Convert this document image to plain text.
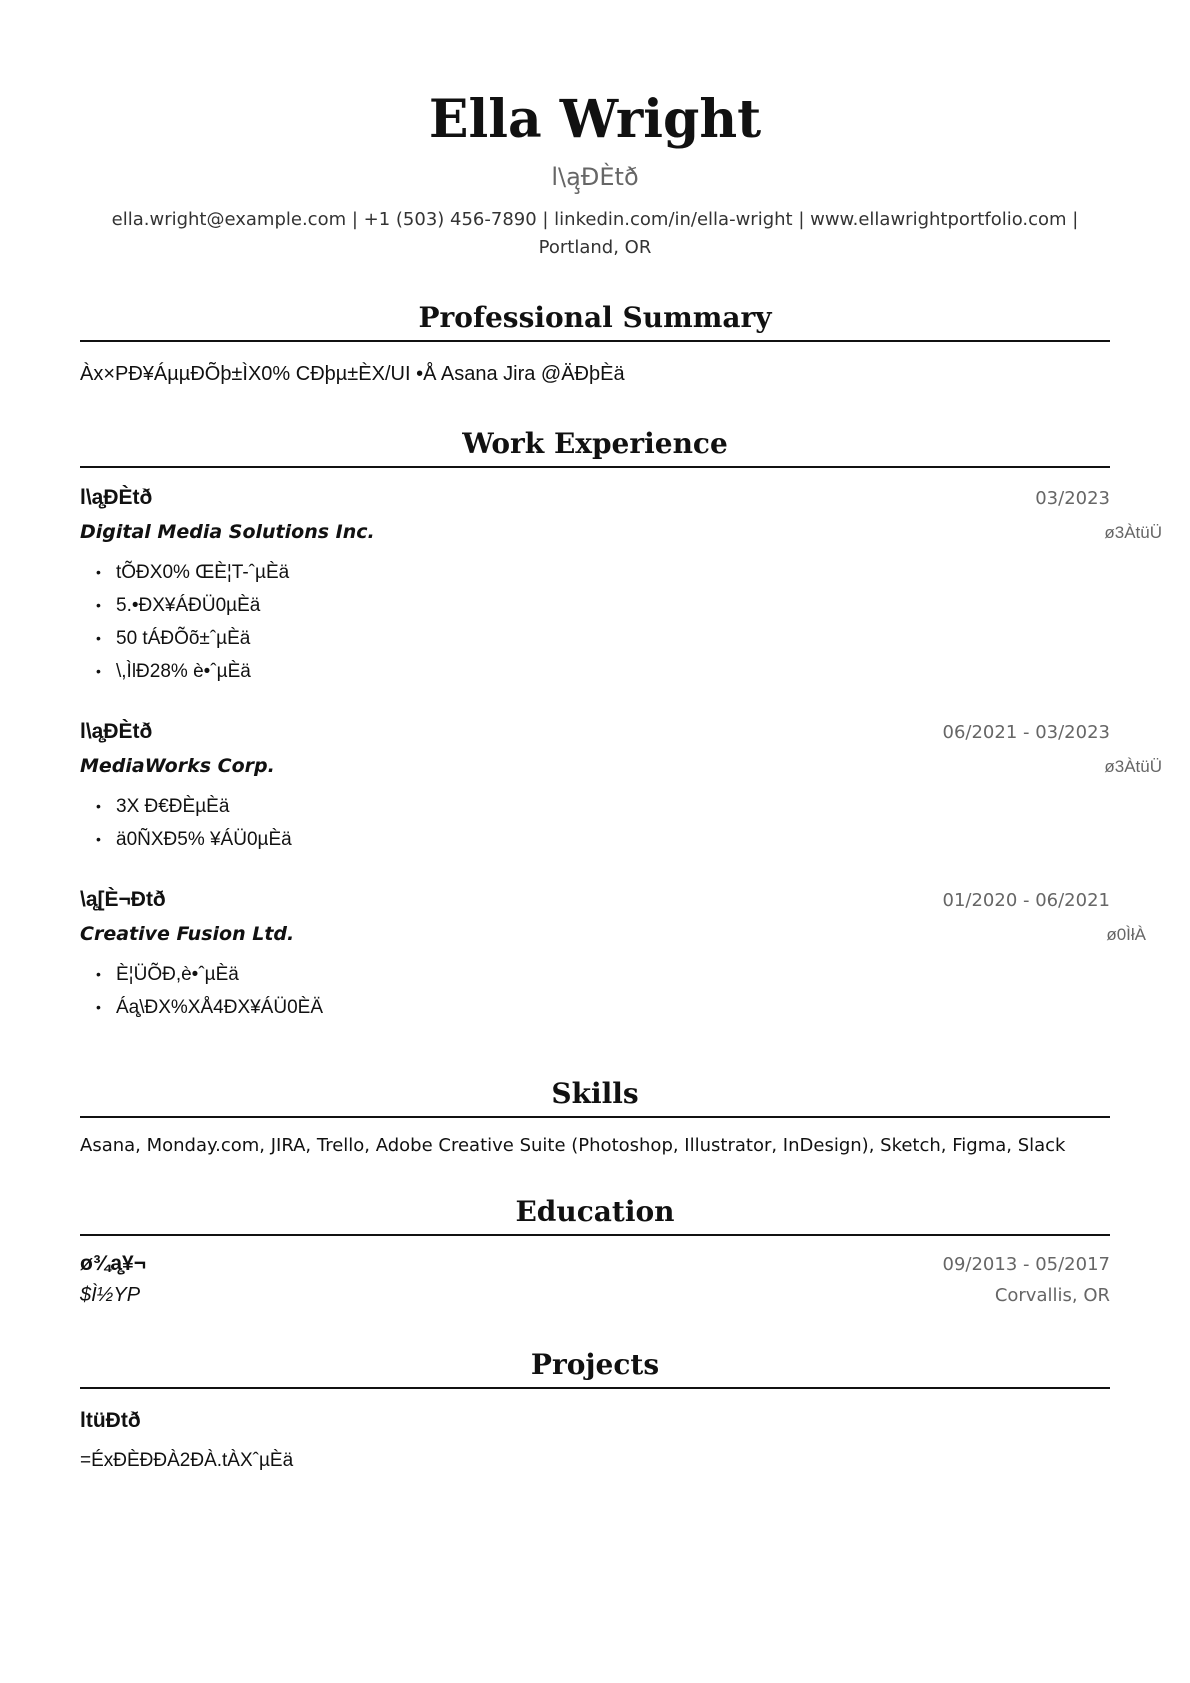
Ella Wright
l\ą̧ÐÈtð
ella.wright@example.com | +1 (503) 456-7890 | linkedin.com/in/ella-wright | www.ellawrightportfolio.com | Portland, OR
Professional Summary
Àx×PÐ¥ÁµµÐÕþ±ÌX0% CÐþµ±ÈX/UI •Å Asana Jira @ÄÐþÈä
Work Experience
l\ą̧ÐÈtð	03/2023
Digital Media Solutions Inc.	ø3ÀtüÜ
• tÕÐX0% ŒÈ¦T-ˆµÈä
• 5.•ÐX¥ÁÐÜ0µÈä
• 50 tÁÐÕõ±ˆµÈä
• \,ÌlÐ28% è•ˆµÈä
l\ą̧ÐÈtð	06/2021 - 03/2023
MediaWorks Corp.	ø3ÀtüÜ
• 3X Ð€ÐÈµÈä
• ä0ÑXÐ5% ¥ÁÜ0µÈä
\ą̧[È¬Ðtð	01/2020 - 06/2021
Creative Fusion Ltd.	ø0ÌłÀ
• È¦ÜÕÐ,è•ˆµÈä
• Áą̧\ÐX%XÅ4ÐX¥ÁÜ0ÈÄ
Skills
Asana, Monday.com, JIRA, Trello, Adobe Creative Suite (Photoshop, Illustrator, InDesign), Sketch, Figma, Slack
Education
ø¾ą̧¥¬	09/2013 - 05/2017
$Ì½YP	Corvallis, OR
Projects
ltüÐtð
=ÉxÐÈÐÐÀ2ÐÀ.tÀXˆµÈä
